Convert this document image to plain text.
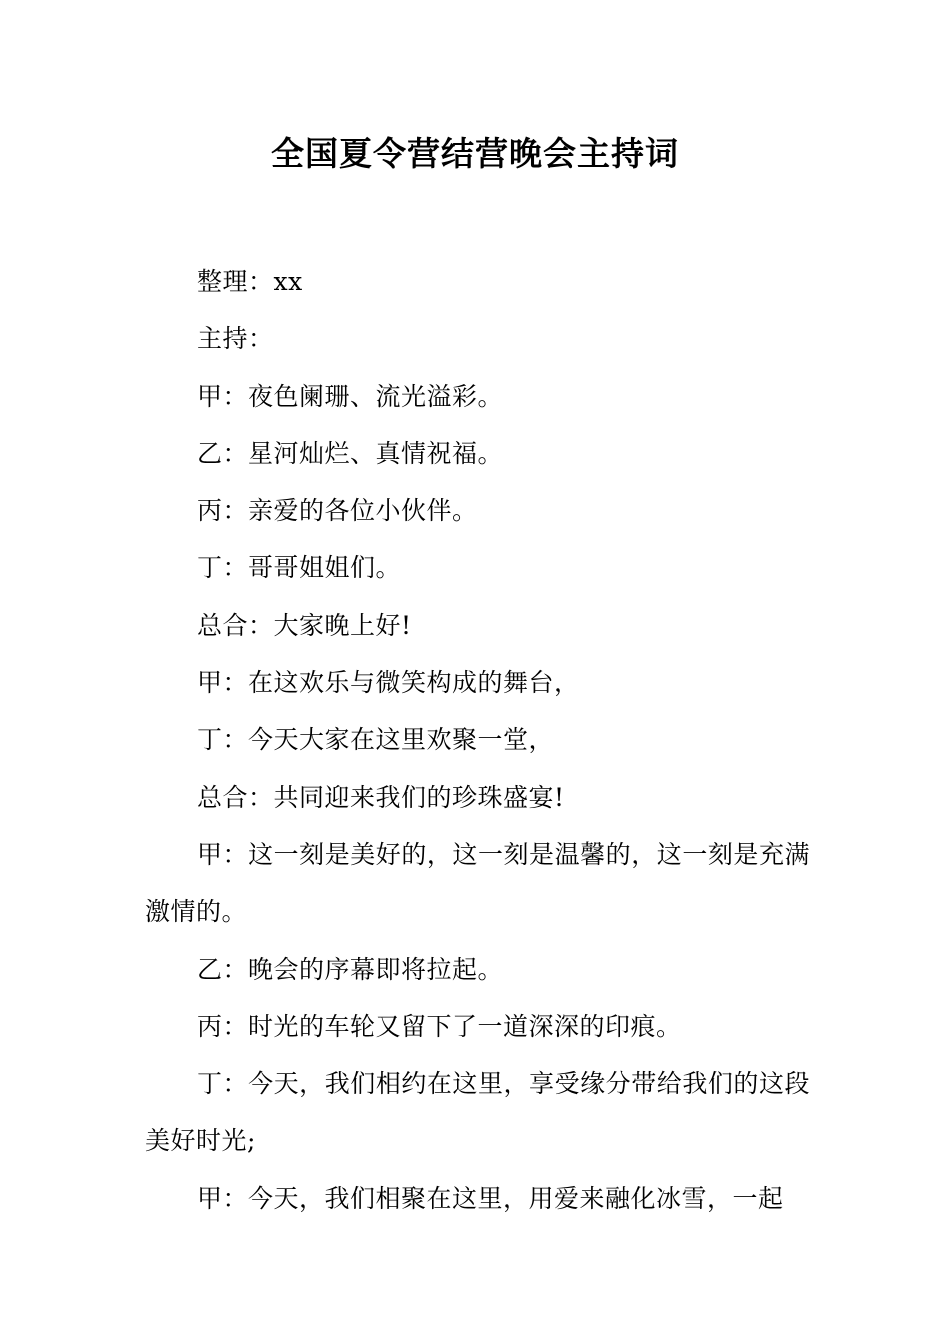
全国夏令营结营晚会主持词

整理：xx

主持：

甲：夜色阑珊、流光溢彩。

乙：星河灿烂、真情祝福。

丙：亲爱的各位小伙伴。

丁：哥哥姐姐们。

总合：大家晚上好!

甲：在这欢乐与微笑构成的舞台，

丁：今天大家在这里欢聚一堂，

总合：共同迎来我们的珍珠盛宴!

甲：这一刻是美好的，这一刻是温馨的，这一刻是充满激情的。

乙：晚会的序幕即将拉起。

丙：时光的车轮又留下了一道深深的印痕。

丁：今天，我们相约在这里，享受缘分带给我们的这段美好时光;

甲：今天，我们相聚在这里，用爱来融化冰雪，一起
